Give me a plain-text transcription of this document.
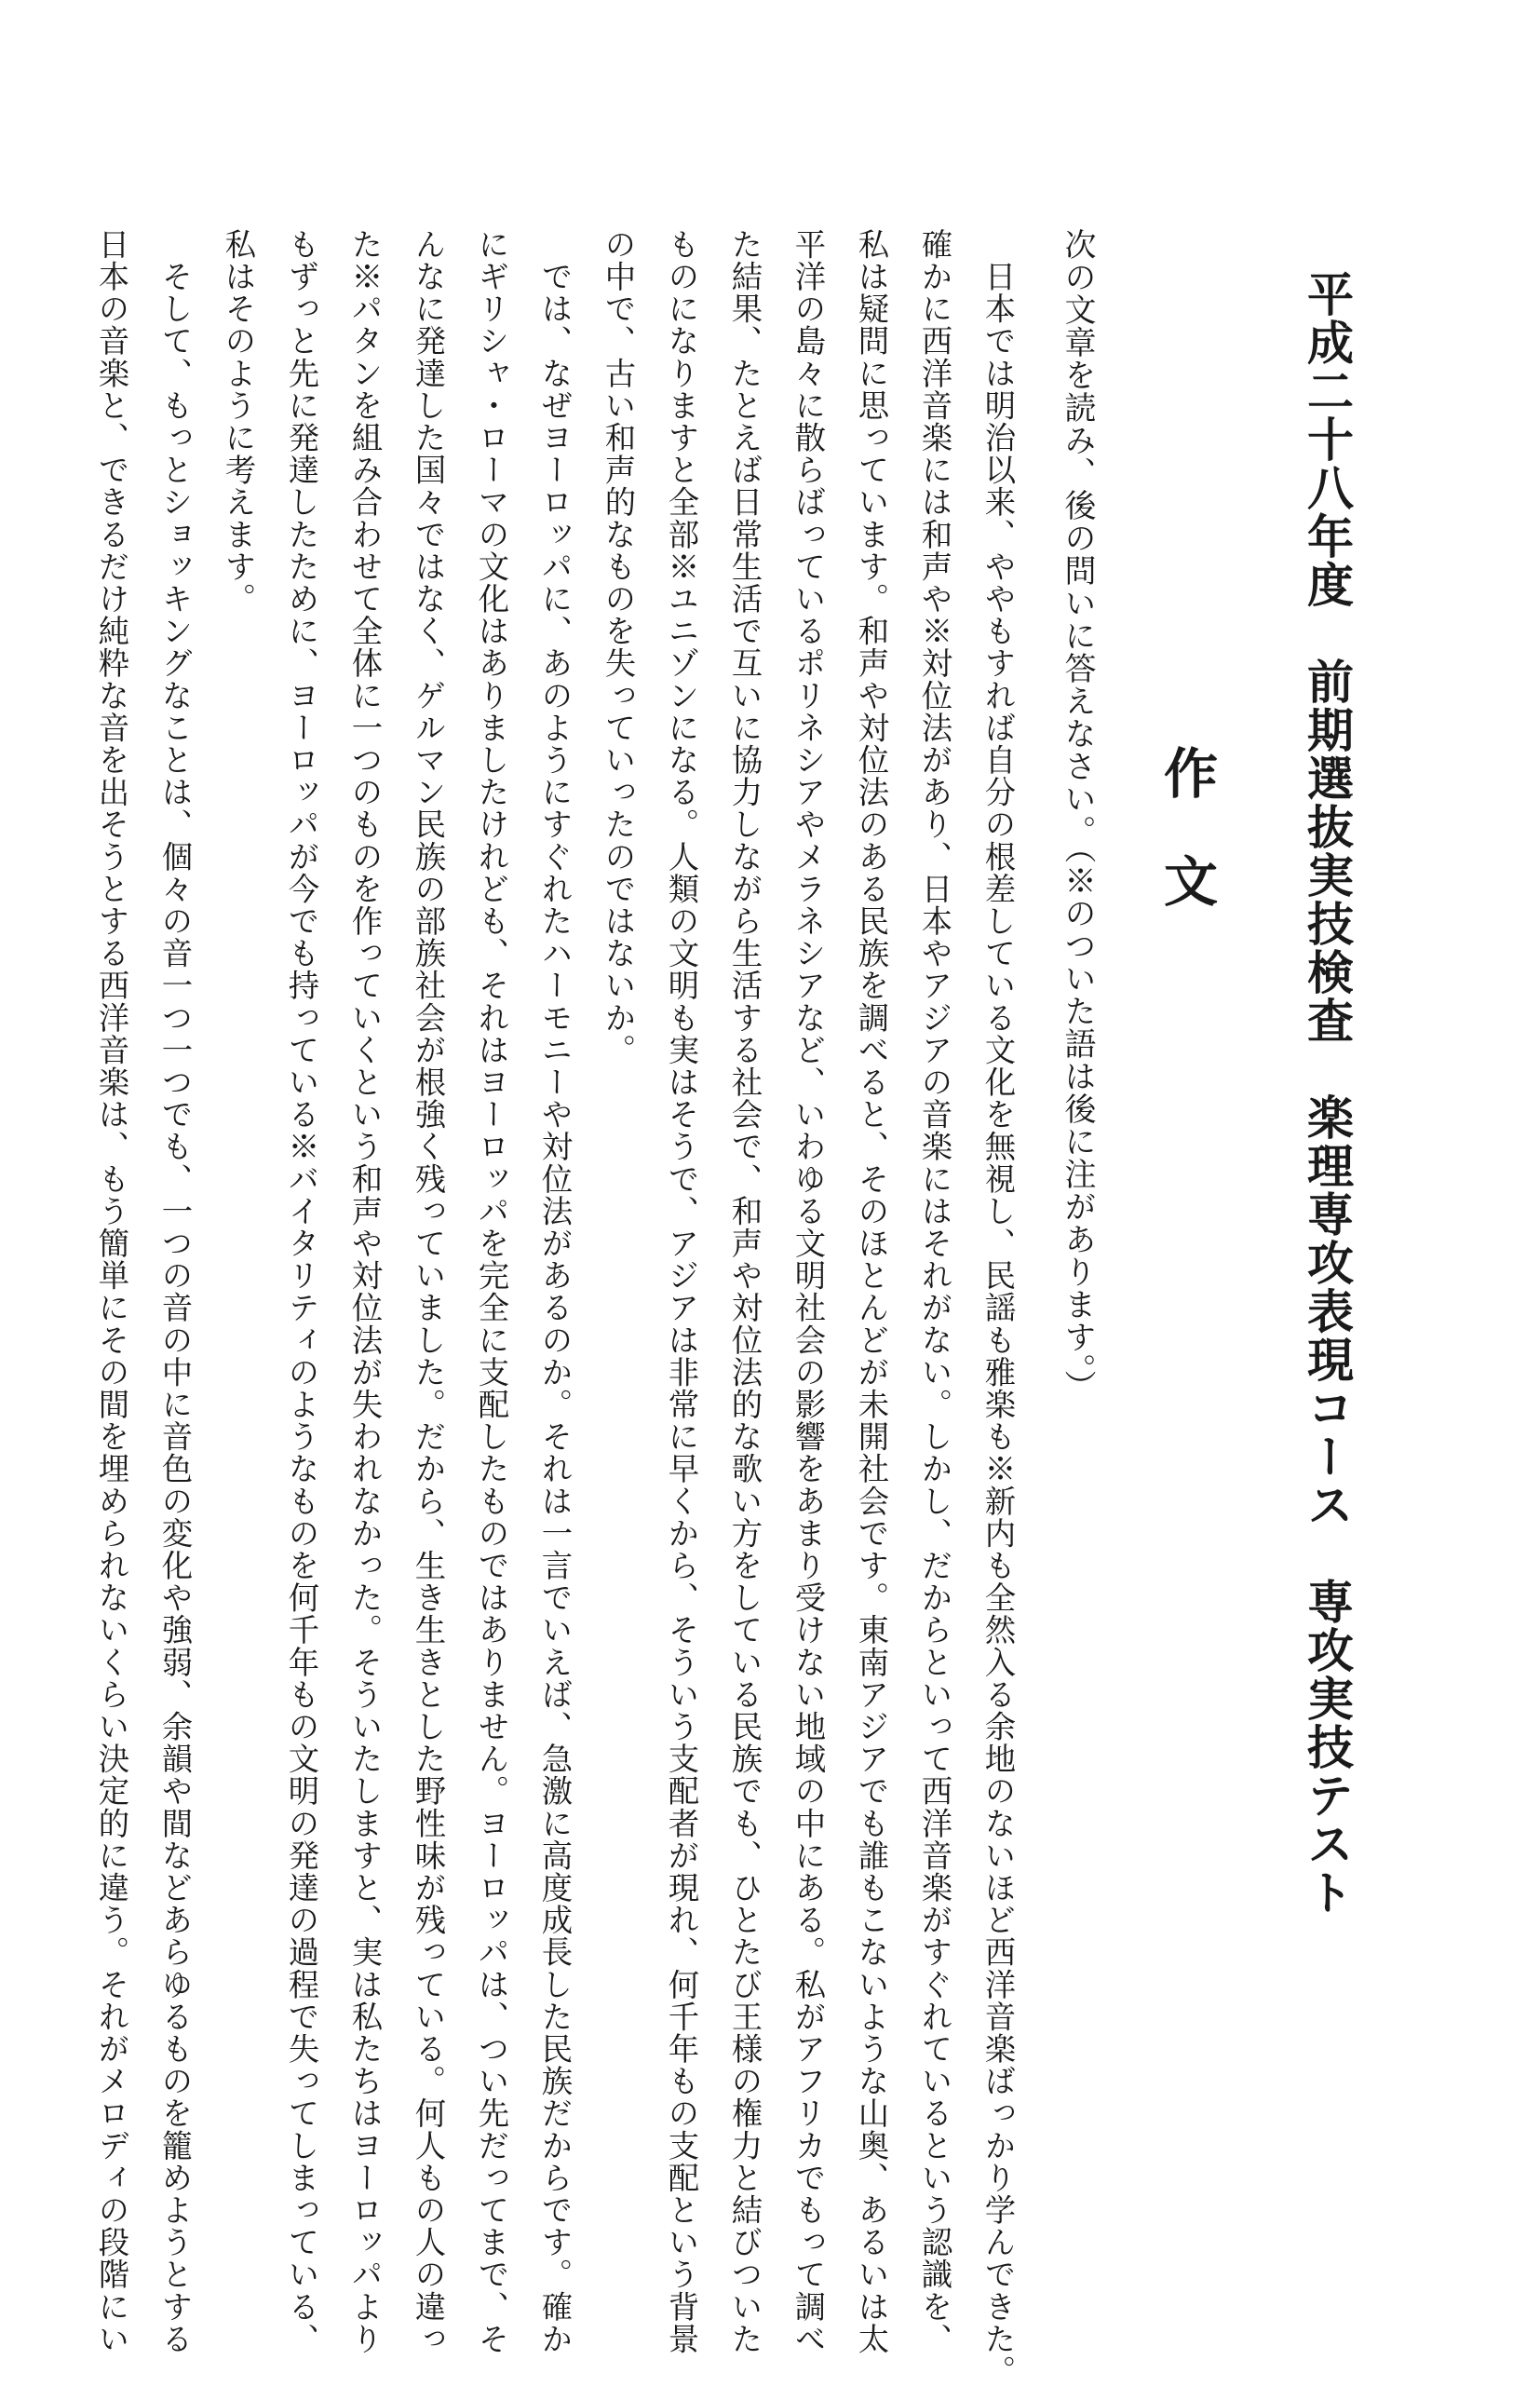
平成二十八年度　前期選抜実技検査　楽理専攻表現コース　専攻実技テスト
作文
次の文章を読み、後の問いに答えなさい。（※のついた語は後に注があります。）
　日本では明治以来、ややもすれば自分の根差している文化を無視し、民謡も雅楽も※新内も全然入る余地のないほど西洋音楽ばっかり学んできた。
確かに西洋音楽には和声や※対位法があり、日本やアジアの音楽にはそれがない。しかし、だからといって西洋音楽がすぐれているという認識を、
私は疑問に思っています。和声や対位法のある民族を調べると、そのほとんどが未開社会です。東南アジアでも誰もこないような山奥、あるいは太
平洋の島々に散らばっているポリネシアやメラネシアなど、いわゆる文明社会の影響をあまり受けない地域の中にある。私がアフリカでもって調べ
た結果、たとえば日常生活で互いに協力しながら生活する社会で、和声や対位法的な歌い方をしている民族でも、ひとたび王様の権力と結びついた
ものになりますと全部※ユニゾンになる。人類の文明も実はそうで、アジアは非常に早くから、そういう支配者が現れ、何千年もの支配という背景
の中で、古い和声的なものを失っていったのではないか。
　では、なぜヨーロッパに、あのようにすぐれたハーモニーや対位法があるのか。それは一言でいえば、急激に高度成長した民族だからです。確か
にギリシャ・ローマの文化はありましたけれども、それはヨーロッパを完全に支配したものではありません。ヨーロッパは、つい先だってまで、そ
んなに発達した国々ではなく、ゲルマン民族の部族社会が根強く残っていました。だから、生き生きとした野性味が残っている。何人もの人の違っ
た※パタンを組み合わせて全体に一つのものを作っていくという和声や対位法が失われなかった。そういたしますと、実は私たちはヨーロッパより
もずっと先に発達したために、ヨーロッパが今でも持っている※バイタリティのようなものを何千年もの文明の発達の過程で失ってしまっている、
私はそのように考えます。
　そして、もっとショッキングなことは、個々の音一つ一つでも、一つの音の中に音色の変化や強弱、余韻や間などあらゆるものを籠めようとする
日本の音楽と、できるだけ純粋な音を出そうとする西洋音楽は、もう簡単にその間を埋められないくらい決定的に違う。それがメロディの段階にい
